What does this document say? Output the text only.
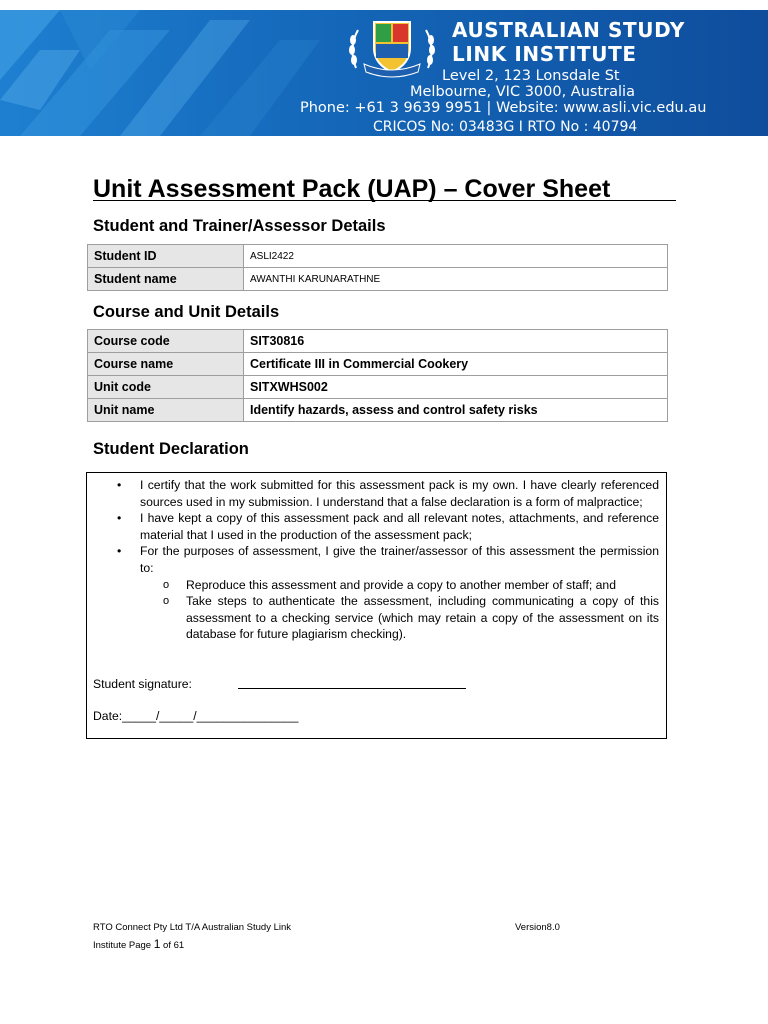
AUSTRALIAN STUDY
LINK INSTITUTE
Level 2, 123 Lonsdale St
Melbourne, VIC 3000, Australia
Phone: +61 3 9639 9951 | Website: www.asli.vic.edu.au
CRICOS No: 03483G I RTO No : 40794
Unit Assessment Pack (UAP) – Cover Sheet
Student and Trainer/Assessor Details
Student ID	ASLI2422
Student name	AWANTHI KARUNARATHNE
Course and Unit Details
Course code	SIT30816
Course name	Certificate III in Commercial Cookery
Unit code	SITXWHS002
Unit name	Identify hazards, assess and control safety risks
Student Declaration
• I certify that the work submitted for this assessment pack is my own. I have clearly referenced sources used in my submission. I understand that a false declaration is a form of malpractice;
• I have kept a copy of this assessment pack and all relevant notes, attachments, and reference material that I used in the production of the assessment pack;
• For the purposes of assessment, I give the trainer/assessor of this assessment the permission to:
o Reproduce this assessment and provide a copy to another member of staff; and
o Take steps to authenticate the assessment, including communicating a copy of this assessment to a checking service (which may retain a copy of the assessment on its database for future plagiarism checking).
Student signature:
Date:_____/_____/_______________
RTO Connect Pty Ltd T/A Australian Study Link
Institute Page 1 of 61
Version8.0
